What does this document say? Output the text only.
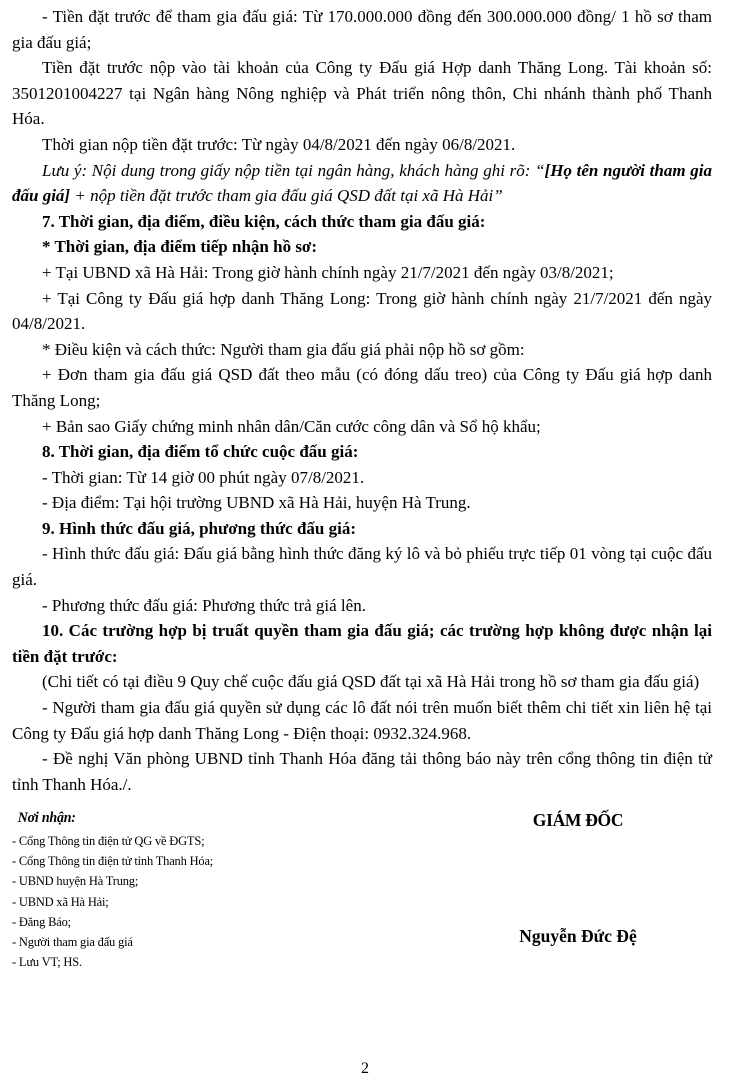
- Tiền đặt trước để tham gia đấu giá: Từ 170.000.000 đồng đến 300.000.000 đồng/ 1 hồ sơ tham gia đấu giá;

Tiền đặt trước nộp vào tài khoản của Công ty Đấu giá Hợp danh Thăng Long. Tài khoản số: 3501201004227 tại Ngân hàng Nông nghiệp và Phát triển nông thôn, Chi nhánh thành phố Thanh Hóa.

Thời gian nộp tiền đặt trước: Từ ngày 04/8/2021 đến ngày 06/8/2021.

Lưu ý: Nội dung trong giấy nộp tiền tại ngân hàng, khách hàng ghi rõ: “[Họ tên người tham gia đấu giá] + nộp tiền đặt trước tham gia đấu giá QSD đất tại xã Hà Hải”

7. Thời gian, địa điểm, điều kiện, cách thức tham gia đấu giá:

* Thời gian, địa điểm tiếp nhận hồ sơ:

+ Tại UBND xã Hà Hải: Trong giờ hành chính ngày 21/7/2021 đến ngày 03/8/2021;

+ Tại Công ty Đấu giá hợp danh Thăng Long: Trong giờ hành chính ngày 21/7/2021 đến ngày 04/8/2021.

* Điều kiện và cách thức: Người tham gia đấu giá phải nộp hồ sơ gồm:

+ Đơn tham gia đấu giá QSD đất theo mẫu (có đóng dấu treo) của Công ty Đấu giá hợp danh Thăng Long;

+ Bản sao Giấy chứng minh nhân dân/Căn cước công dân và Sổ hộ khẩu;

8. Thời gian, địa điểm tổ chức cuộc đấu giá:

- Thời gian: Từ 14 giờ 00 phút ngày 07/8/2021.

- Địa điểm: Tại hội trường UBND xã Hà Hải, huyện Hà Trung.

9. Hình thức đấu giá, phương thức đấu giá:

- Hình thức đấu giá: Đấu giá bằng hình thức đăng ký lô và bỏ phiếu trực tiếp 01 vòng tại cuộc đấu giá.

- Phương thức đấu giá: Phương thức trả giá lên.

10. Các trường hợp bị truất quyền tham gia đấu giá; các trường hợp không được nhận lại tiền đặt trước:

(Chi tiết có tại điều 9 Quy chế cuộc đấu giá QSD đất tại xã Hà Hải trong hồ sơ tham gia đấu giá)

- Người tham gia đấu giá quyền sử dụng các lô đất nói trên muốn biết thêm chi tiết xin liên hệ tại Công ty Đấu giá hợp danh Thăng Long - Điện thoại: 0932.324.968.

- Đề nghị Văn phòng UBND tỉnh Thanh Hóa đăng tải thông báo này trên cổng thông tin điện tử tỉnh Thanh Hóa./.

Nơi nhận:
- Cổng Thông tin điện tử QG về ĐGTS;
- Cổng Thông tin điện tử tỉnh Thanh Hóa;
- UBND huyện Hà Trung;
- UBND xã Hà Hải;
- Đăng Báo;
- Người tham gia đấu giá
- Lưu VT; HS.
GIÁM ĐỐC
Nguyễn Đức Đệ
2
